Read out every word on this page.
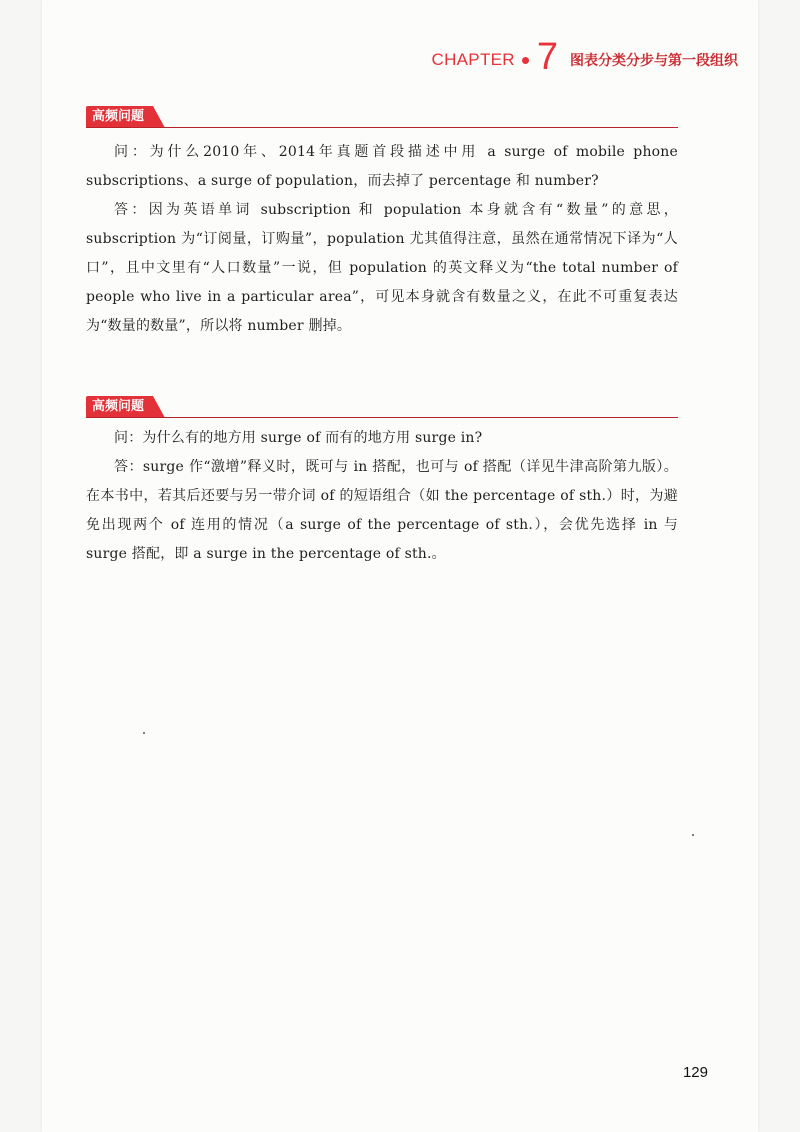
CHAPTER 7 图表分类分步与第一段组织
高频问题

问：为什么2010年、2014年真题首段描述中用 a surge of mobile phone subscriptions、a surge of population，而去掉了 percentage 和 number?

答：因为英语单词 subscription 和 population 本身就含有“数量”的意思，subscription 为“订阅量，订购量”，population 尤其值得注意，虽然在通常情况下译为“人口”，且中文里有“人口数量”一说，但 population 的英文释义为“the total number of people who live in a particular area”，可见本身就含有数量之义，在此不可重复表达为“数量的数量”，所以将 number 删掉。

高频问题

问：为什么有的地方用 surge of 而有的地方用 surge in?

答：surge 作“激增”释义时，既可与 in 搭配，也可与 of 搭配（详见牛津高阶第九版）。在本书中，若其后还要与另一带介词 of 的短语组合（如 the percentage of sth.）时，为避免出现两个 of 连用的情况（a surge of the percentage of sth.），会优先选择 in 与 surge 搭配，即 a surge in the percentage of sth.。

129
